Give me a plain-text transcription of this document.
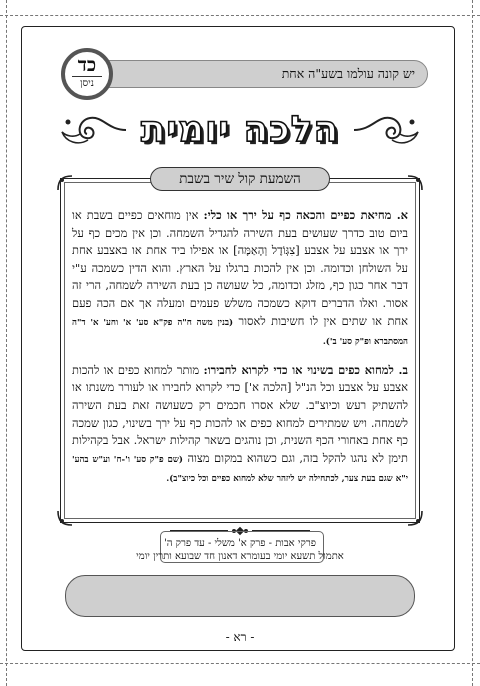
יש קונה עולמו בשע"ה אחת
כד
ניסן
הלכה יומית
השמעת קול שיר בשבת

א. מחיאת כפיים והכאה כף על ירך או כלי: אין מוחאים כפיים בשבת או ביום טוב כדרך שעושים בעת השירה להגדיל השמחה. וכן אין מכים כף על ירך או אצבע על אצבע [צִגְּוֹדֶל וְהָאַמָּה] או אפילו ביד אחת או באצבע אחת על השולחן וכדומה. וכן אין להכות ברגלו על הארץ. והוא הדין כשמכה ע"י דבר אחר כגון כף, מזלג וכדומה, כל שעושה כן בעת השירה לשמחה, הרי זה אסור. ואלו הדברים דוקא כשמכה משלש פעמים ומעלה אך אם הכה פעם אחת או שתים אין לו חשיבות לאסור (בנין משה ח"ה פק"א סע' א' וחע' א' ד"ה המסתברא ופ"ק סע' ב').

ב. למחוא כפים בשינוי או כדי לקרוא לחבירו: מותר למחוא כפים או להכות אצבע על אצבע וכל הנ"ל [הלכה א'] כדי לקרוא לחבירו או לעורר משנתו או להשתיק רעש וכיוצ"ב. שלא אסרו חכמים רק כשעושה זאת בעת השירה לשמחה. ויש שמתירים למחוא כפים או להכות כף על ירך בשינוי, כגון שמכה כף אחת באחורי הכף השנית, וכן נוהגים בשאר קהילות ישראל. אבל בקהילות תימן לא נהגו להקל בזה, וגם כשהוא במקום מצוה (שם פ"ק סע' ו'-ח' וע"ש בהע' י"א שגם בעת צער, לכתחילה יש ליזהר שלא למחוא כפיים וכל כיוצ"ב).

פרקי אבות - פרק א' משלי - עד פרק ה'
אתמול תשעא יומי בעומרא דאנון חד שבועא ותרין יומי
- רא -
